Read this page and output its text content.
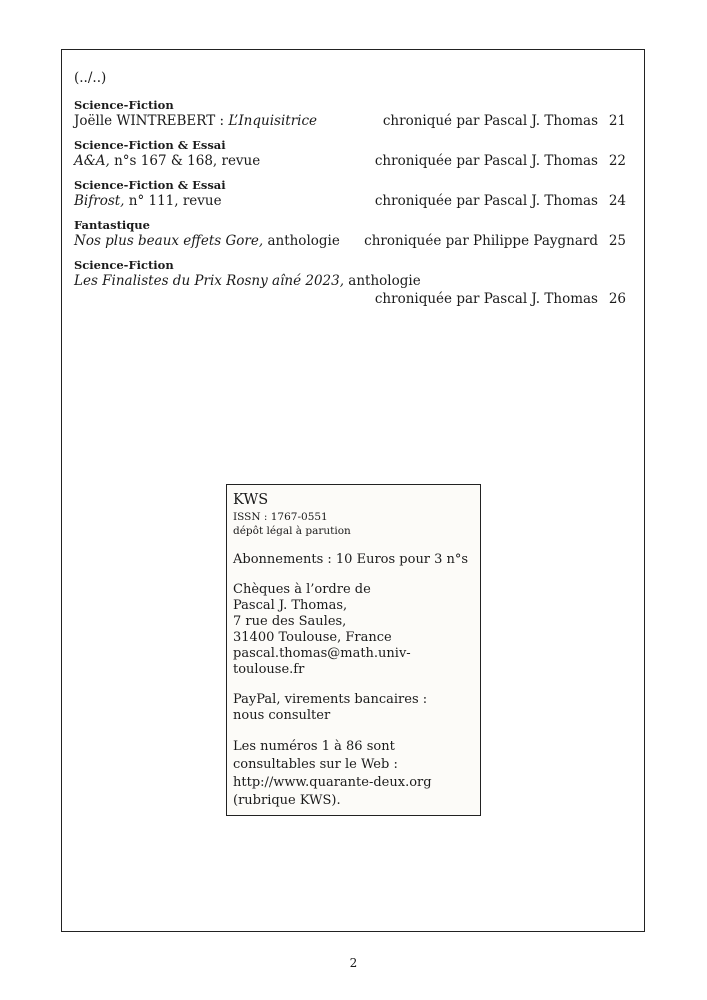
(../..)
Science-Fiction
Joëlle WINTREBERT : L’Inquisitrice	chroniqué par Pascal J. Thomas 21
Science-Fiction & Essai
A&A, n°s 167 & 168, revue	chroniquée par Pascal J. Thomas 22
Science-Fiction & Essai
Bifrost, n° 111, revue	chroniquée par Pascal J. Thomas 24
Fantastique
Nos plus beaux effets Gore, anthologie chroniquée par Philippe Paygnard 25
Science-Fiction
Les Finalistes du Prix Rosny aîné 2023, anthologie
chroniquée par Pascal J. Thomas 26
KWS
ISSN : 1767-0551
dépôt légal à parution
Abonnements : 10 Euros pour 3 n°s
Chèques à l’ordre de
Pascal J. Thomas,
7 rue des Saules,
31400 Toulouse, France
pascal.thomas@math.univ-toulouse.fr
PayPal, virements bancaires :
nous consulter
Les numéros 1 à 86 sont
consultables sur le Web :
http://www.quarante-deux.org
(rubrique KWS).
2
